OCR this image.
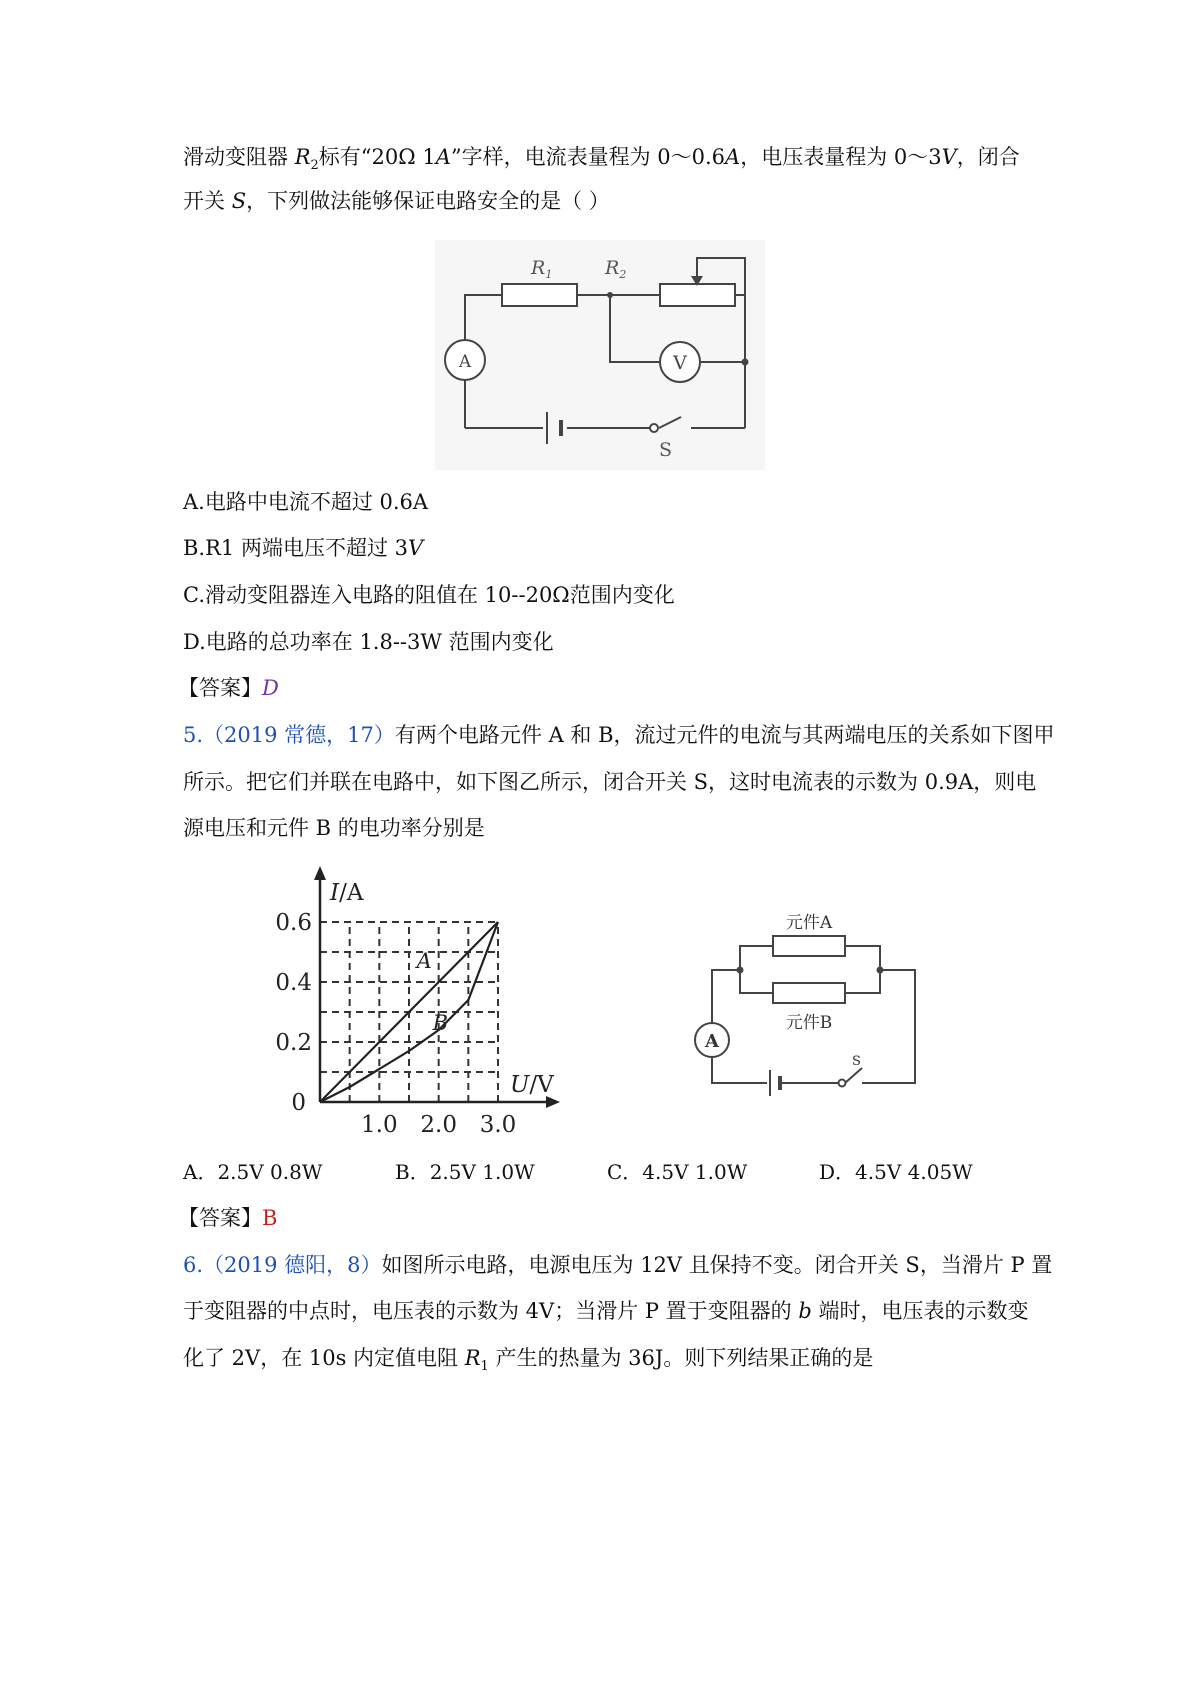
滑动变阻器 $R_2$标有“20Ω 1A”字样，电流表量程为 0～0.6A，电压表量程为 0～3V，闭合
开关 S，下列做法能够保证电路安全的是（ ）
A	V
$R_1$	$R_2$
S
A.电路中电流不超过 0.6A
B.R1 两端电压不超过 3V
C.滑动变阻器连入电路的阻值在 10--20Ω范围内变化
D.电路的总功率在 1.8--3W 范围内变化
【答案】D
5.（2019 常德，17）有两个电路元件 A 和 B，流过元件的电流与其两端电压的关系如下图甲
所示。把它们并联在电路中，如下图乙所示，闭合开关 S，这时电流表的示数为 0.9A，则电
源电压和元件 B 的电功率分别是
A
B
1.0 2.0 3.0
0.2
0.4
0.6
0
I/A
U/V
A
元件A
元件B
S
A．2.5V 0.8W	B．2.5V 1.0W	C．4.5V 1.0W	D．4.5V 4.05W
【答案】B
6.（2019 德阳，8）如图所示电路，电源电压为 12V 且保持不变。闭合开关 S，当滑片 P 置
于变阻器的中点时，电压表的示数为 4V；当滑片 P 置于变阻器的 b 端时，电压表的示数变
化了 2V，在 10s 内定值电阻 $R_1$ 产生的热量为 36J。则下列结果正确的是
